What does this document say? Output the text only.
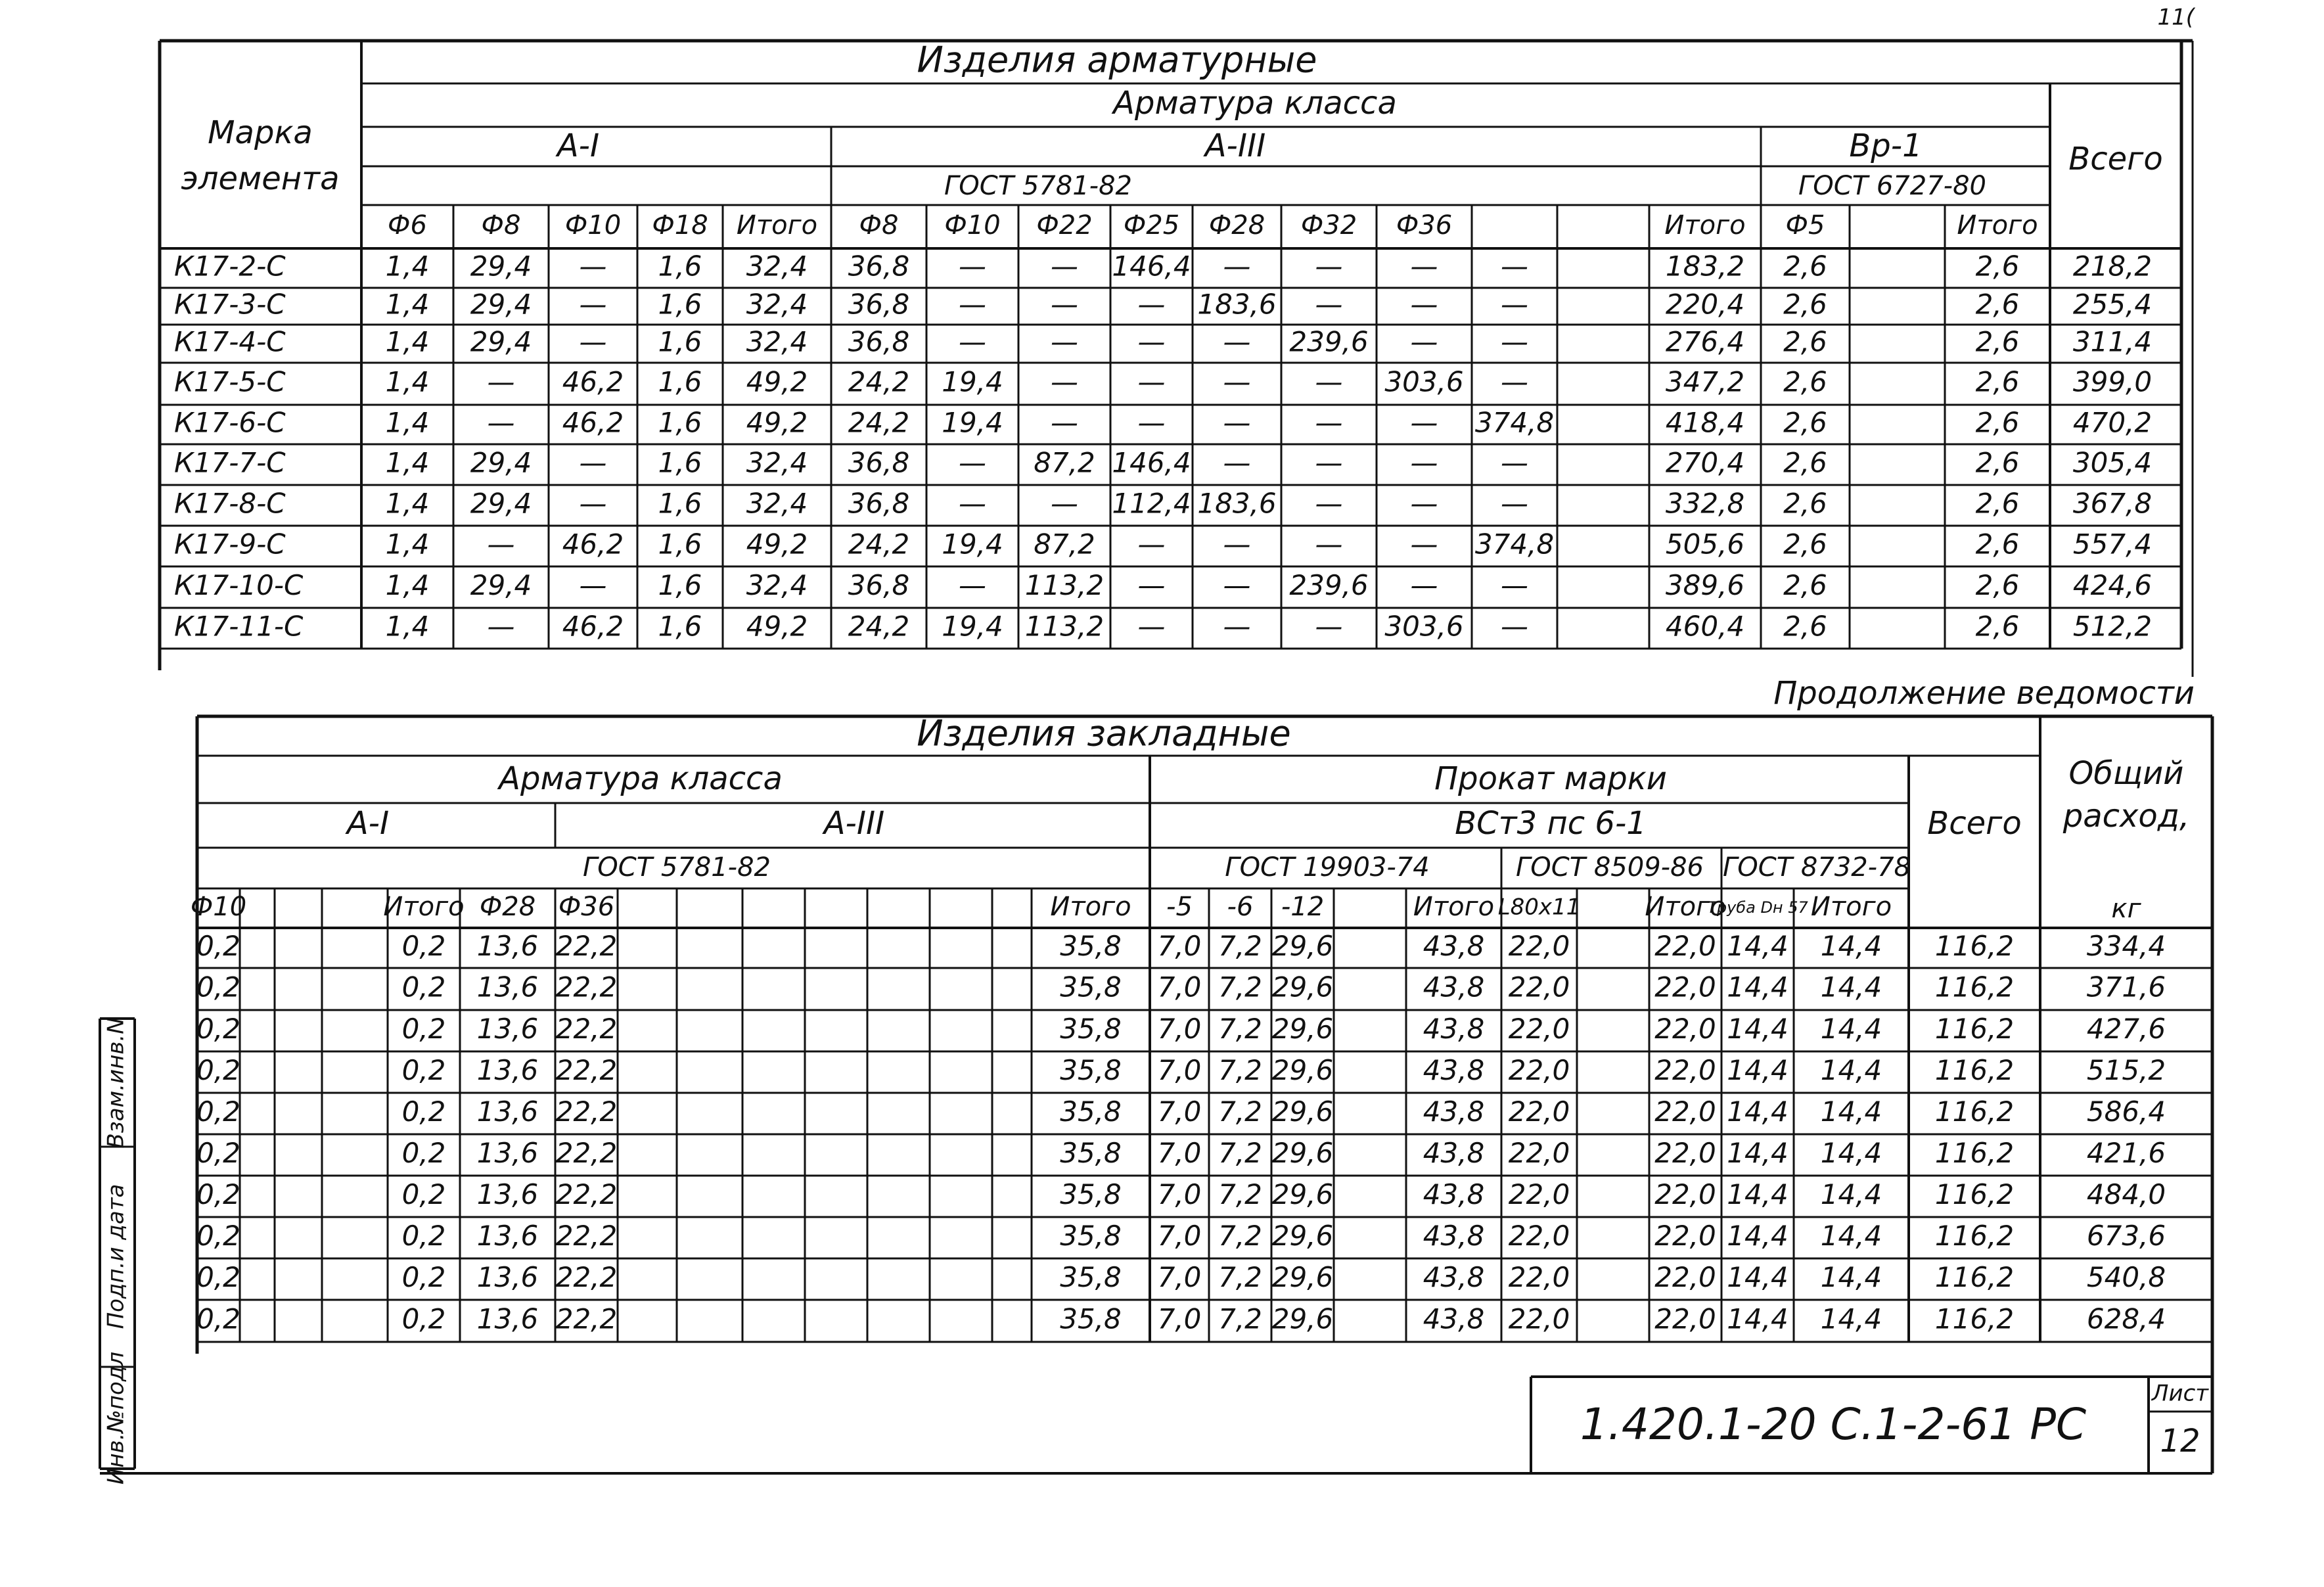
Изделия арматурные
Арматура класса
Марка
элемента
A-I	A-III	Вр-1
ГОСТ 5781-82	ГОСТ 6727-80
Всего
Ф6 Ф8 Ф10 Ф18 Итого Ф8 Ф10 Ф22 Ф25 Ф28 Ф32 Ф36	Итого Ф5	Итого
К17-2-С	1,4 29,4 — 1,6 32,4 36,8 — — 146,4 — — — —	183,2 2,6	2,6 218,2
К17-3-С	1,4 29,4 — 1,6 32,4 36,8 — — — 183,6 — — —	220,4 2,6	2,6 255,4
К17-4-С	1,4 29,4 — 1,6 32,4 36,8 — — — — 239,6 — —	276,4 2,6	2,6 311,4
К17-5-С	1,4 — 46,2 1,6 49,2 24,2 19,4 — — — — 303,6 —	347,2 2,6	2,6 399,0
К17-6-С	1,4 — 46,2 1,6 49,2 24,2 19,4 — — — — — 374,8	418,4 2,6	2,6 470,2
К17-7-С	1,4 29,4 — 1,6 32,4 36,8 — 87,2 146,4 — — — —	270,4 2,6	2,6 305,4
К17-8-С	1,4 29,4 — 1,6 32,4 36,8 — — 112,4 183,6 — — —	332,8 2,6	2,6 367,8
К17-9-С	1,4 — 46,2 1,6 49,2 24,2 19,4 87,2 — — — — 374,8	505,6 2,6	2,6 557,4
К17-10-С	1,4 29,4 — 1,6 32,4 36,8 — 113,2 — — 239,6 — —	389,6 2,6	2,6 424,6
К17-11-С	1,4 — 46,2 1,6 49,2 24,2 19,4 113,2 — — — 303,6 —	460,4 2,6	2,6 512,2
Продолжение ведомости
Изделия закладные
Арматура класса	Прокат марки
А-I	А-III	ВСт3 пс 6-1
ГОСТ 5781-82	ГОСТ 19903-74	ГОСТ 8509-86 ГОСТ 8732-78
Всего
Общий
расход,
кг
Ф10	Итого Ф28 Ф36	Итого -5 -6 -12	Итого L80х11 Итого
Труба Dн 57 Итого
0,2	0,2 13,6 22,2	35,8 7,0 7,2 29,6	43,8 22,0	22,0 14,4 14,4 116,2	334,4
0,2	0,2 13,6 22,2	35,8 7,0 7,2 29,6	43,8 22,0	22,0 14,4 14,4 116,2	371,6
0,2	0,2 13,6 22,2	35,8 7,0 7,2 29,6	43,8 22,0	22,0 14,4 14,4 116,2	427,6
0,2	0,2 13,6 22,2	35,8 7,0 7,2 29,6	43,8 22,0	22,0 14,4 14,4 116,2	515,2
0,2	0,2 13,6 22,2	35,8 7,0 7,2 29,6	43,8 22,0	22,0 14,4 14,4 116,2	586,4
0,2	0,2 13,6 22,2	35,8 7,0 7,2 29,6	43,8 22,0	22,0 14,4 14,4 116,2	421,6
0,2	0,2 13,6 22,2	35,8 7,0 7,2 29,6	43,8 22,0	22,0 14,4 14,4 116,2	484,0
0,2	0,2 13,6 22,2	35,8 7,0 7,2 29,6	43,8 22,0	22,0 14,4 14,4 116,2	673,6
0,2	0,2 13,6 22,2	35,8 7,0 7,2 29,6	43,8 22,0	22,0 14,4 14,4 116,2	540,8
0,2	0,2 13,6 22,2	35,8 7,0 7,2 29,6	43,8 22,0	22,0 14,4 14,4 116,2	628,4
Инв.№подл
Подп.и дата
Взам.инв.N
1.420.1-20 С.1-2-61 РС
Лист
12
11(
